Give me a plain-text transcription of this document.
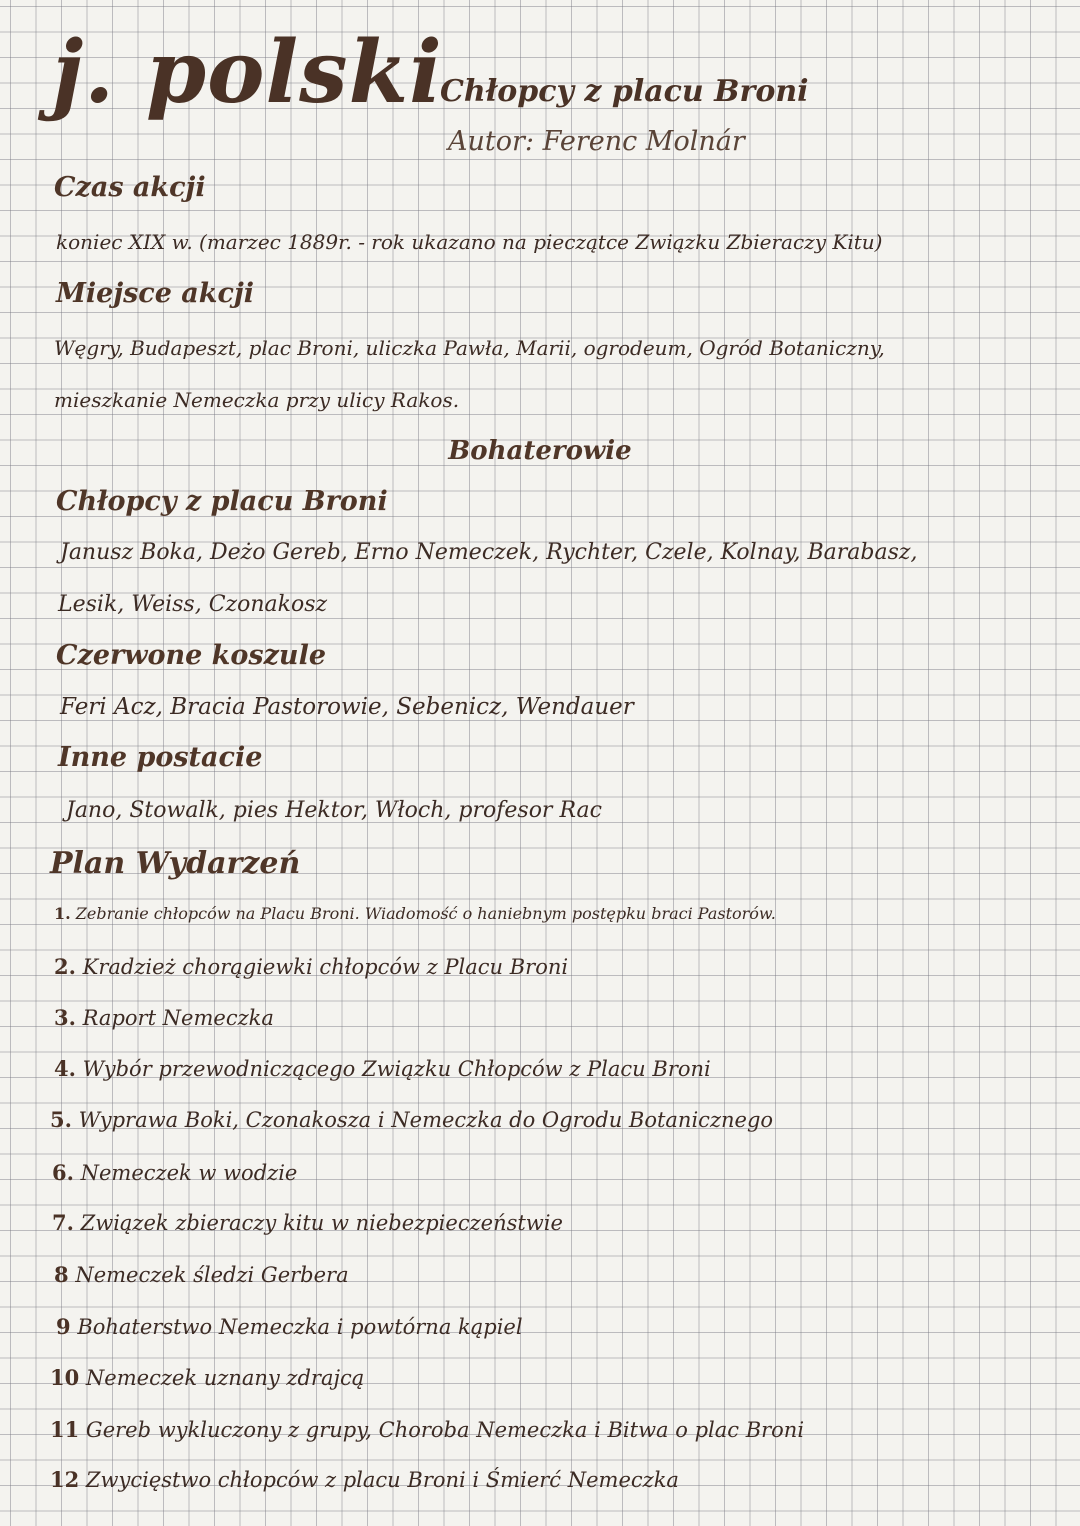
j. polski
Chłopcy z placu Broni
Autor: Ferenc Molnár
Czas akcji
koniec XIX w. (marzec 1889r. - rok ukazano na pieczątce Związku Zbieraczy Kitu)
Miejsce akcji
Węgry, Budapeszt, plac Broni, uliczka Pawła, Marii, ogrodeum, Ogród Botaniczny,
mieszkanie Nemeczka przy ulicy Rakos.
Bohaterowie
Chłopcy z placu Broni
Janusz Boka, Deżo Gereb, Erno Nemeczek, Rychter, Czele, Kolnay, Barabasz,
Lesik, Weiss, Czonakosz
Czerwone koszule
Feri Acz, Bracia Pastorowie, Sebenicz, Wendauer
Inne postacie
Jano, Stowalk, pies Hektor, Włoch, profesor Rac
Plan Wydarzeń
1. Zebranie chłopców na Placu Broni. Wiadomość o haniebnym postępku braci Pastorów.
2. Kradzież chorągiewki chłopców z Placu Broni
3. Raport Nemeczka
4. Wybór przewodniczącego Związku Chłopców z Placu Broni
5. Wyprawa Boki, Czonakosza i Nemeczka do Ogrodu Botanicznego
6. Nemeczek w wodzie
7. Związek zbieraczy kitu w niebezpieczeństwie
8 Nemeczek śledzi Gerbera
9 Bohaterstwo Nemeczka i powtórna kąpiel
10 Nemeczek uznany zdrajcą
11 Gereb wykluczony z grupy, Choroba Nemeczka i Bitwa o plac Broni
12 Zwycięstwo chłopców z placu Broni i Śmierć Nemeczka
